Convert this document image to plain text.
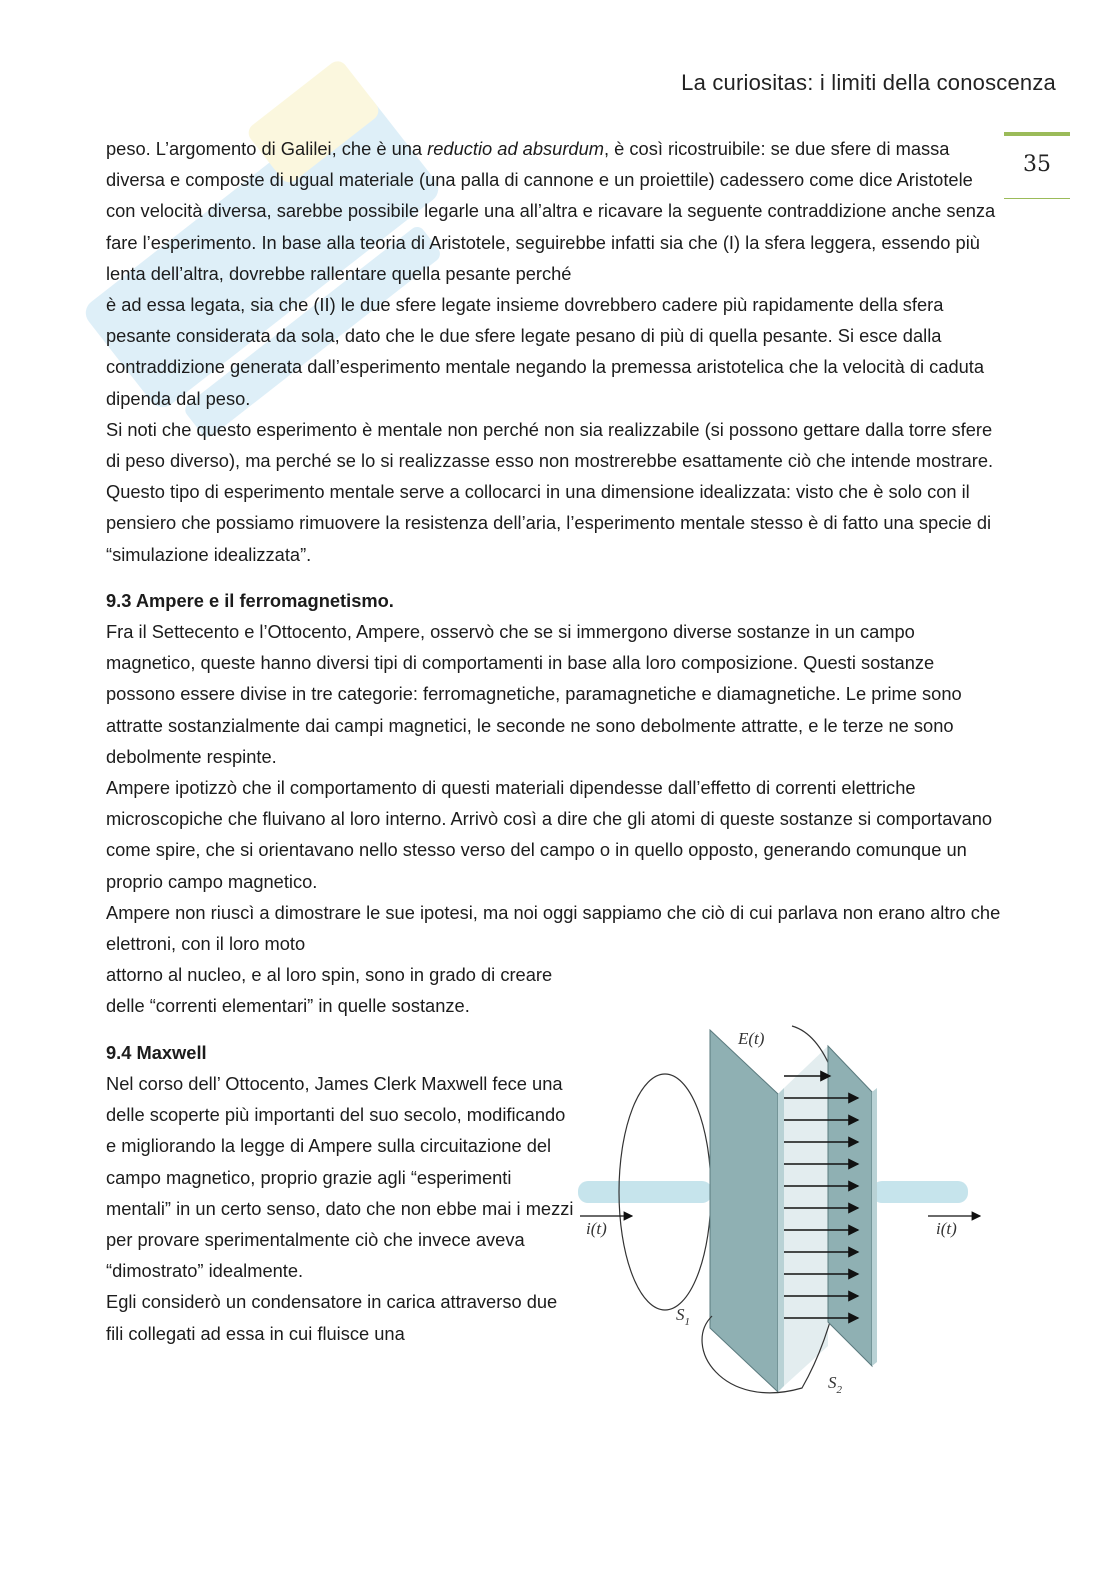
La curiositas: i limiti della conoscenza
35

peso. L’argomento di Galilei, che è una reductio ad absurdum, è così ricostruibile: se due sfere di massa diversa e composte di ugual materiale (una palla di cannone e un proiettile) cadessero come dice Aristotele con velocità diversa, sarebbe possibile legarle una all’altra e ricavare la seguente contraddizione anche senza fare l’esperimento. In base alla teoria di Aristotele, seguirebbe infatti sia che (I) la sfera leggera, essendo più lenta dell’altra, dovrebbe rallentare quella pesante perché

è ad essa legata, sia che (II) le due sfere legate insieme dovrebbero cadere più rapidamente della sfera pesante considerata da sola, dato che le due sfere legate pesano di più di quella pesante. Si esce dalla contraddizione generata dall’esperimento mentale negando la premessa aristotelica che la velocità di caduta dipenda dal peso.

Si noti che questo esperimento è mentale non perché non sia realizzabile (si possono gettare dalla torre sfere di peso diverso), ma perché se lo si realizzasse esso non mostrerebbe esattamente ciò che intende mostrare. Questo tipo di esperimento mentale serve a collocarci in una dimensione idealizzata: visto che è solo con il pensiero che possiamo rimuovere la resistenza dell’aria, l’esperimento mentale stesso è di fatto una specie di “simulazione idealizzata”.

9.3 Ampere e il ferromagnetismo.

Fra il Settecento e l’Ottocento, Ampere, osservò che se si immergono diverse sostanze in un campo magnetico, queste hanno diversi tipi di comportamenti in base alla loro composizione. Questi sostanze possono essere divise in tre categorie: ferromagnetiche, paramagnetiche e diamagnetiche. Le prime sono attratte sostanzialmente dai campi magnetici, le seconde ne sono debolmente attratte, e le terze ne sono debolmente respinte.

Ampere ipotizzò che il comportamento di questi materiali dipendesse dall’effetto di correnti elettriche microscopiche che fluivano al loro interno. Arrivò così a dire che gli atomi di queste sostanze si comportavano come spire, che si orientavano nello stesso verso del campo o in quello opposto, generando comunque un proprio campo magnetico.

Ampere non riuscì a dimostrare le sue ipotesi, ma noi oggi sappiamo che ciò di cui parlava non erano altro che elettroni, con il loro moto

attorno al nucleo, e al loro spin, sono in grado di creare delle “correnti elementari” in quelle sostanze.

9.4 Maxwell

Nel corso dell’ Ottocento, James Clerk Maxwell fece una delle scoperte più importanti del suo secolo, modificando e migliorando la legge di Ampere sulla circuitazione del campo magnetico, proprio grazie agli “esperimenti mentali” in un certo senso, dato che non ebbe mai i mezzi per provare sperimentalmente ciò che invece aveva “dimostrato” idealmente.

Egli considerò un condensatore in carica attraverso due fili collegati ad essa in cui fluisce una

E(t)
i(t)	i(t)
$S_1$
$S_2$
